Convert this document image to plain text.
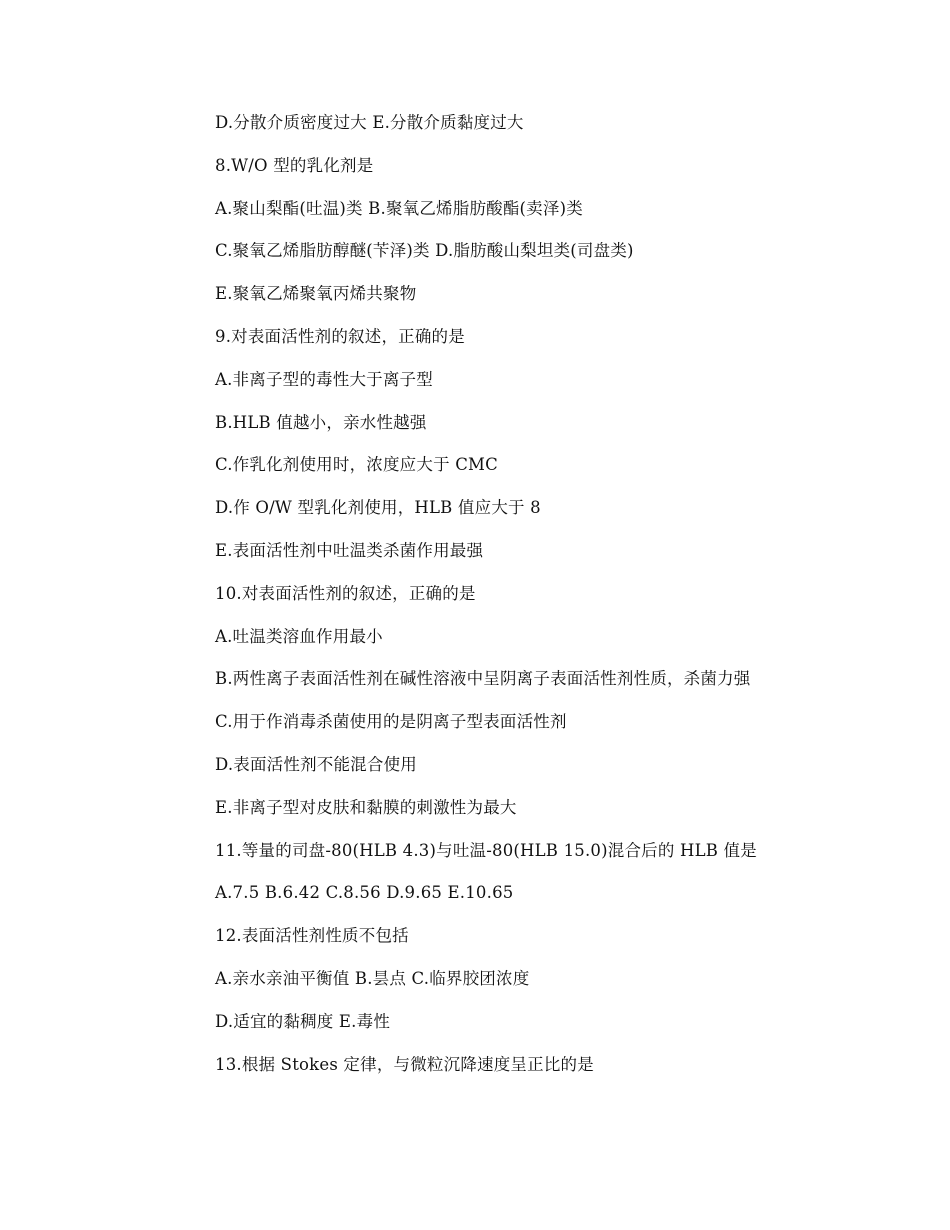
D.分散介质密度过大 E.分散介质黏度过大
8.W/O 型的乳化剂是
A.聚山梨酯(吐温)类 B.聚氧乙烯脂肪酸酯(卖泽)类
C.聚氧乙烯脂肪醇醚(苄泽)类 D.脂肪酸山梨坦类(司盘类)
E.聚氧乙烯聚氧丙烯共聚物
9.对表面活性剂的叙述，正确的是
A.非离子型的毒性大于离子型
B.HLB 值越小，亲水性越强
C.作乳化剂使用时，浓度应大于 CMC
D.作 O/W 型乳化剂使用，HLB 值应大于 8
E.表面活性剂中吐温类杀菌作用最强
10.对表面活性剂的叙述，正确的是
A.吐温类溶血作用最小
B.两性离子表面活性剂在碱性溶液中呈阴离子表面活性剂性质，杀菌力强
C.用于作消毒杀菌使用的是阴离子型表面活性剂
D.表面活性剂不能混合使用
E.非离子型对皮肤和黏膜的刺激性为最大
11.等量的司盘-80(HLB 4.3)与吐温-80(HLB 15.0)混合后的 HLB 值是
A.7.5 B.6.42 C.8.56 D.9.65 E.10.65
12.表面活性剂性质不包括
A.亲水亲油平衡值 B.昙点 C.临界胶团浓度
D.适宜的黏稠度 E.毒性
13.根据 Stokes 定律，与微粒沉降速度呈正比的是
